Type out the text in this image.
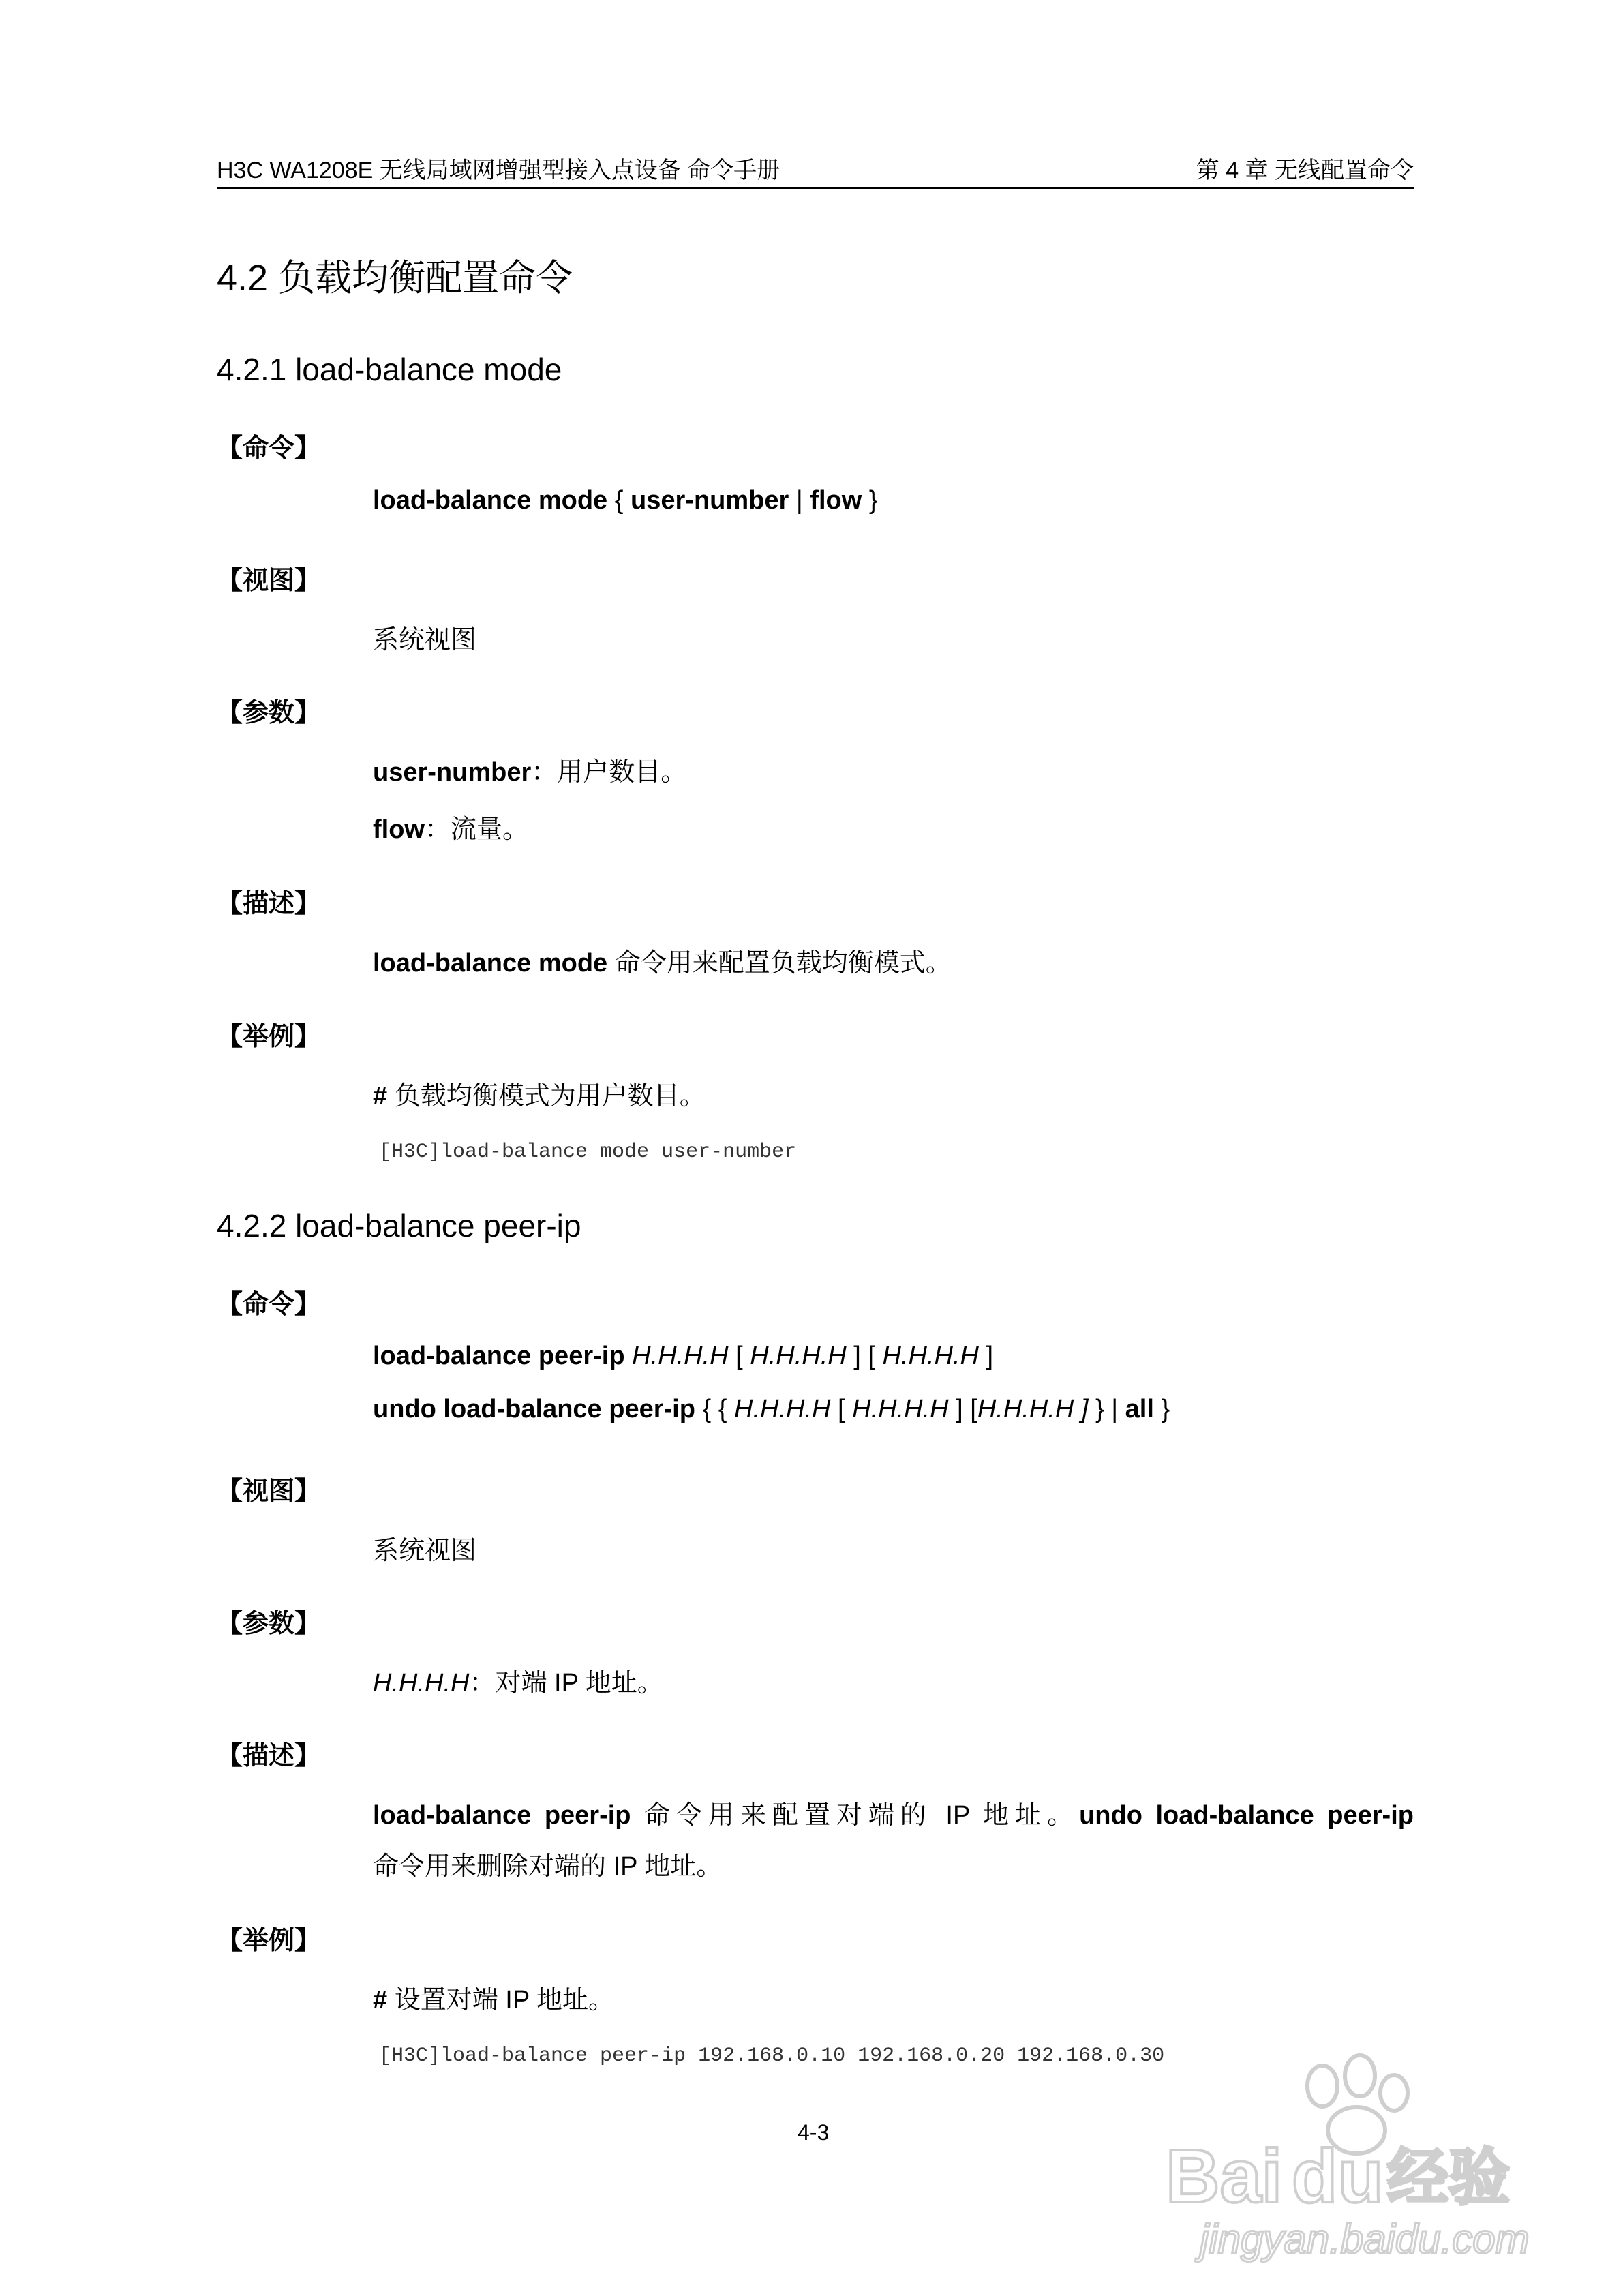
H3C WA1208E 无线局域网增强型接入点设备 命令手册	第 4 章 无线配置命令
4.2 负载均衡配置命令
4.2.1 load-balance mode
【命令】
load-balance mode { user-number | flow }
【视图】
系统视图
【参数】
user-number：用户数目。
flow：流量。
【描述】
load-balance mode 命令用来配置负载均衡模式。
【举例】
# 负载均衡模式为用户数目。
[H3C]load-balance mode user-number
4.2.2 load-balance peer-ip
【命令】
load-balance peer-ip H.H.H.H [ H.H.H.H ] [ H.H.H.H ]
undo load-balance peer-ip { { H.H.H.H [ H.H.H.H ] [H.H.H.H ] } | all }
【视图】
系统视图
【参数】
H.H.H.H：对端 IP 地址。
【描述】
load-balance peer-ip 命令用来配置对端的 IP 地址。undo load-balance peer-ip
命令用来删除对端的 IP 地址。
【举例】
# 设置对端 IP 地址。
[H3C]load-balance peer-ip 192.168.0.10 192.168.0.20 192.168.0.30
4-3
Bai du 经验
jingyan.baidu.com
